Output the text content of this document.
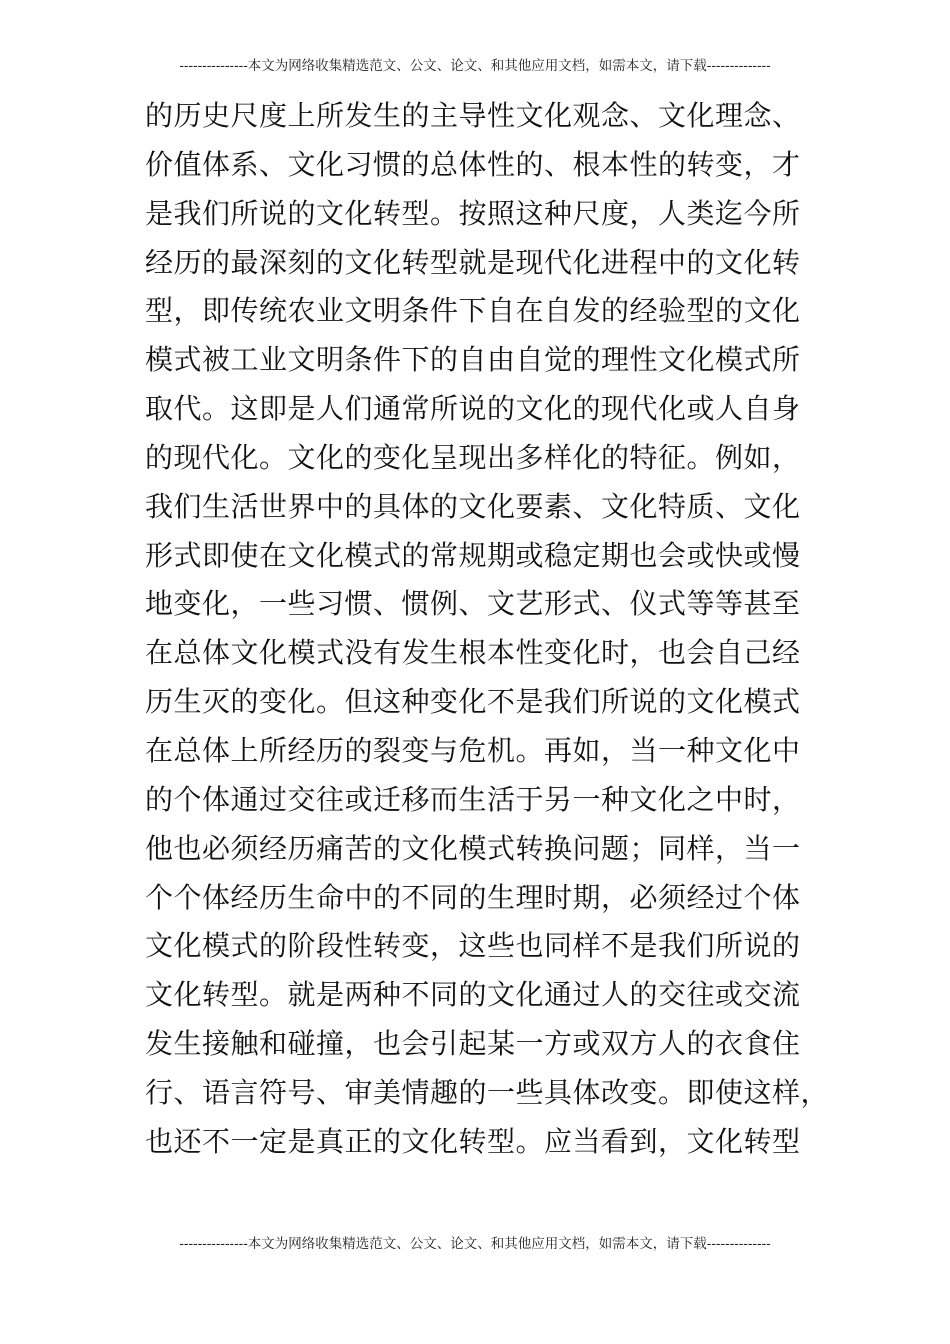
---------------本文为网络收集精选范文、公文、论文、和其他应用文档，如需本文，请下载--------------
的历史尺度上所发生的主导性文化观念、文化理念、
价值体系、文化习惯的总体性的、根本性的转变，才
是我们所说的文化转型。按照这种尺度，人类迄今所
经历的最深刻的文化转型就是现代化进程中的文化转
型，即传统农业文明条件下自在自发的经验型的文化
模式被工业文明条件下的自由自觉的理性文化模式所
取代。这即是人们通常所说的文化的现代化或人自身
的现代化。文化的变化呈现出多样化的特征。例如，
我们生活世界中的具体的文化要素、文化特质、文化
形式即使在文化模式的常规期或稳定期也会或快或慢
地变化，一些习惯、惯例、文艺形式、仪式等等甚至
在总体文化模式没有发生根本性变化时，也会自己经
历生灭的变化。但这种变化不是我们所说的文化模式
在总体上所经历的裂变与危机。再如，当一种文化中
的个体通过交往或迁移而生活于另一种文化之中时，
他也必须经历痛苦的文化模式转换问题；同样，当一
个个体经历生命中的不同的生理时期，必须经过个体
文化模式的阶段性转变，这些也同样不是我们所说的
文化转型。就是两种不同的文化通过人的交往或交流
发生接触和碰撞，也会引起某一方或双方人的衣食住
行、语言符号、审美情趣的一些具体改变。即使这样，
也还不一定是真正的文化转型。应当看到，文化转型
---------------本文为网络收集精选范文、公文、论文、和其他应用文档，如需本文，请下载--------------
